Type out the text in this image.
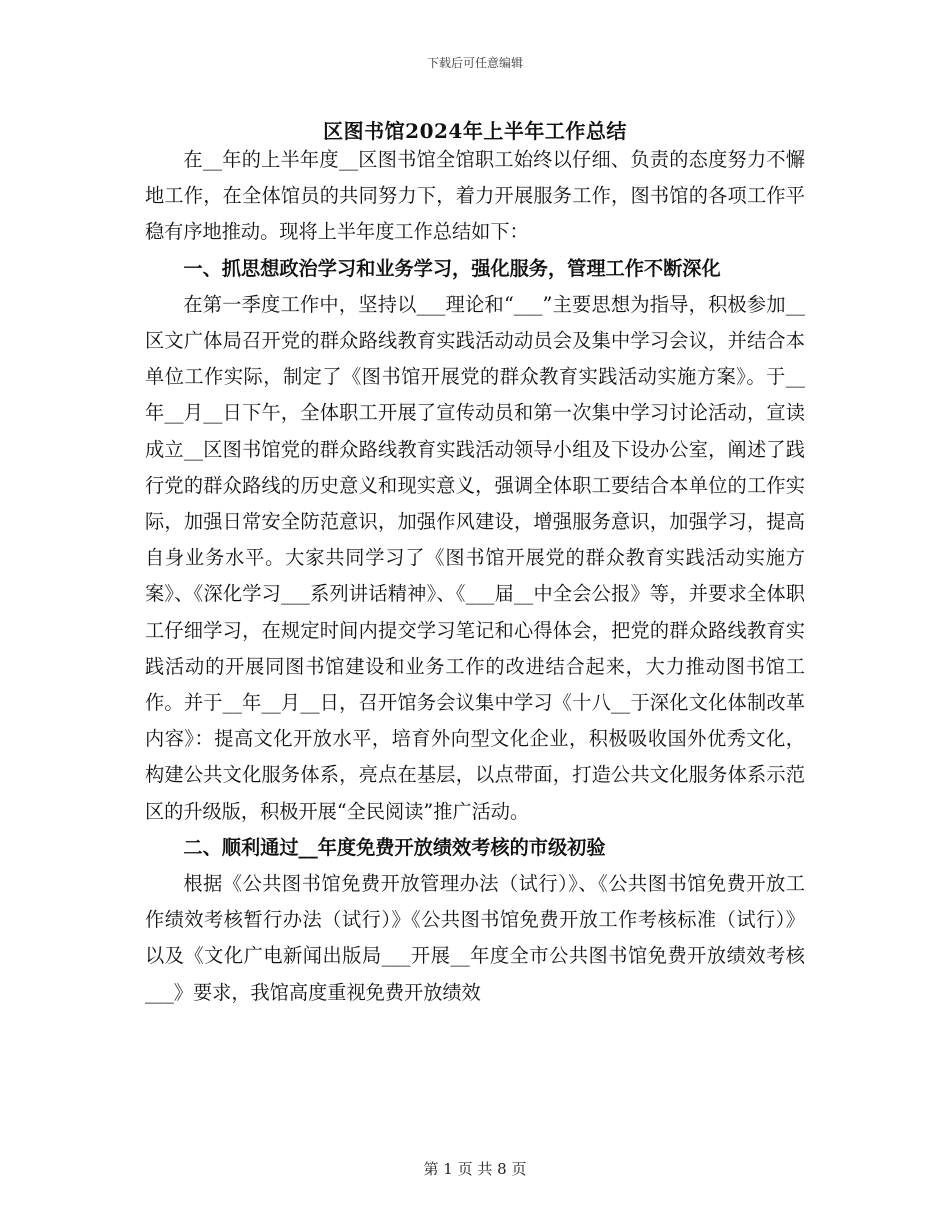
下载后可任意编辑
区图书馆2024年上半年工作总结

在__年的上半年度__区图书馆全馆职工始终以仔细、负责的态度努力不懈地工作，在全体馆员的共同努力下，着力开展服务工作，图书馆的各项工作平稳有序地推动。现将上半年度工作总结如下：

一、抓思想政治学习和业务学习，强化服务，管理工作不断深化

在第一季度工作中，坚持以___理论和“___”主要思想为指导，积极参加__区文广体局召开党的群众路线教育实践活动动员会及集中学习会议，并结合本单位工作实际，制定了《图书馆开展党的群众教育实践活动实施方案》。于__年__月__日下午，全体职工开展了宣传动员和第一次集中学习讨论活动，宣读成立__区图书馆党的群众路线教育实践活动领导小组及下设办公室，阐述了践行党的群众路线的历史意义和现实意义，强调全体职工要结合本单位的工作实际，加强日常安全防范意识，加强作风建设，增强服务意识，加强学习，提高自身业务水平。大家共同学习了《图书馆开展党的群众教育实践活动实施方案》、《深化学习___系列讲话精神》、《___届__中全会公报》等，并要求全体职工仔细学习，在规定时间内提交学习笔记和心得体会，把党的群众路线教育实践活动的开展同图书馆建设和业务工作的改进结合起来，大力推动图书馆工作。并于__年__月__日，召开馆务会议集中学习《十八__于深化文化体制改革内容》：提高文化开放水平，培育外向型文化企业，积极吸收国外优秀文化，构建公共文化服务体系，亮点在基层，以点带面，打造公共文化服务体系示范区的升级版，积极开展“全民阅读”推广活动。

二、顺利通过__年度免费开放绩效考核的市级初验

根据《公共图书馆免费开放管理办法（试行）》、《公共图书馆免费开放工作绩效考核暂行办法（试行）》《公共图书馆免费开放工作考核标准（试行）》以及《文化广电新闻出版局___开展__年度全市公共图书馆免费开放绩效考核___》要求，我馆高度重视免费开放绩效

第 1 页 共 8 页
